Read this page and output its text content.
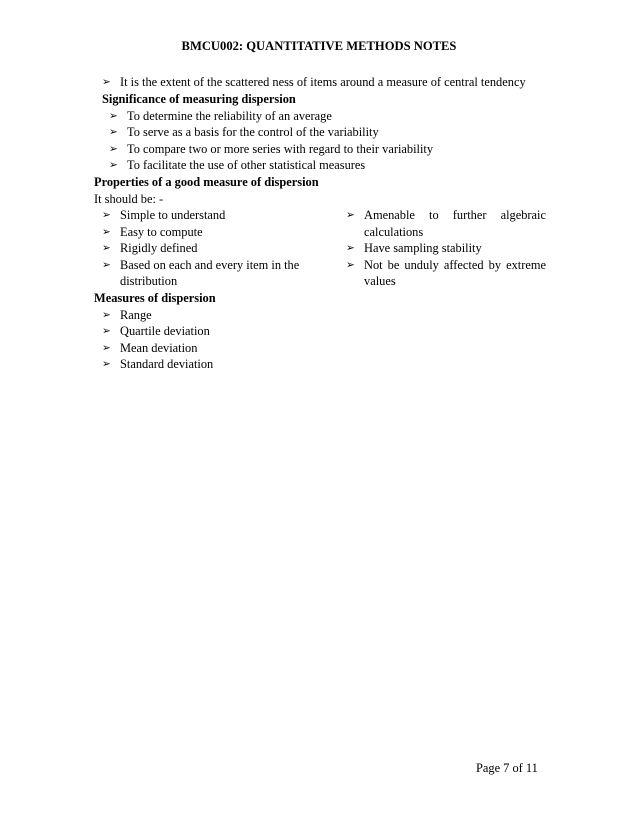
BMCU002: QUANTITATIVE METHODS NOTES
➢ It is the extent of the scattered ness of items around a measure of central tendency
Significance of measuring dispersion
➢ To determine the reliability of an average
➢ To serve as a basis for the control of the variability
➢ To compare two or more series with regard to their variability
➢ To facilitate the use of other statistical measures
Properties of a good measure of dispersion
It should be: -
➢ Simple to understand
➢ Easy to compute
➢ Rigidly defined
➢ Based on each and every item in the distribution
➢ Amenable to further algebraic calculations
➢ Have sampling stability
➢ Not be unduly affected by extreme values
Measures of dispersion
➢ Range
➢ Quartile deviation
➢ Mean deviation
➢ Standard deviation
Page 7 of 11
